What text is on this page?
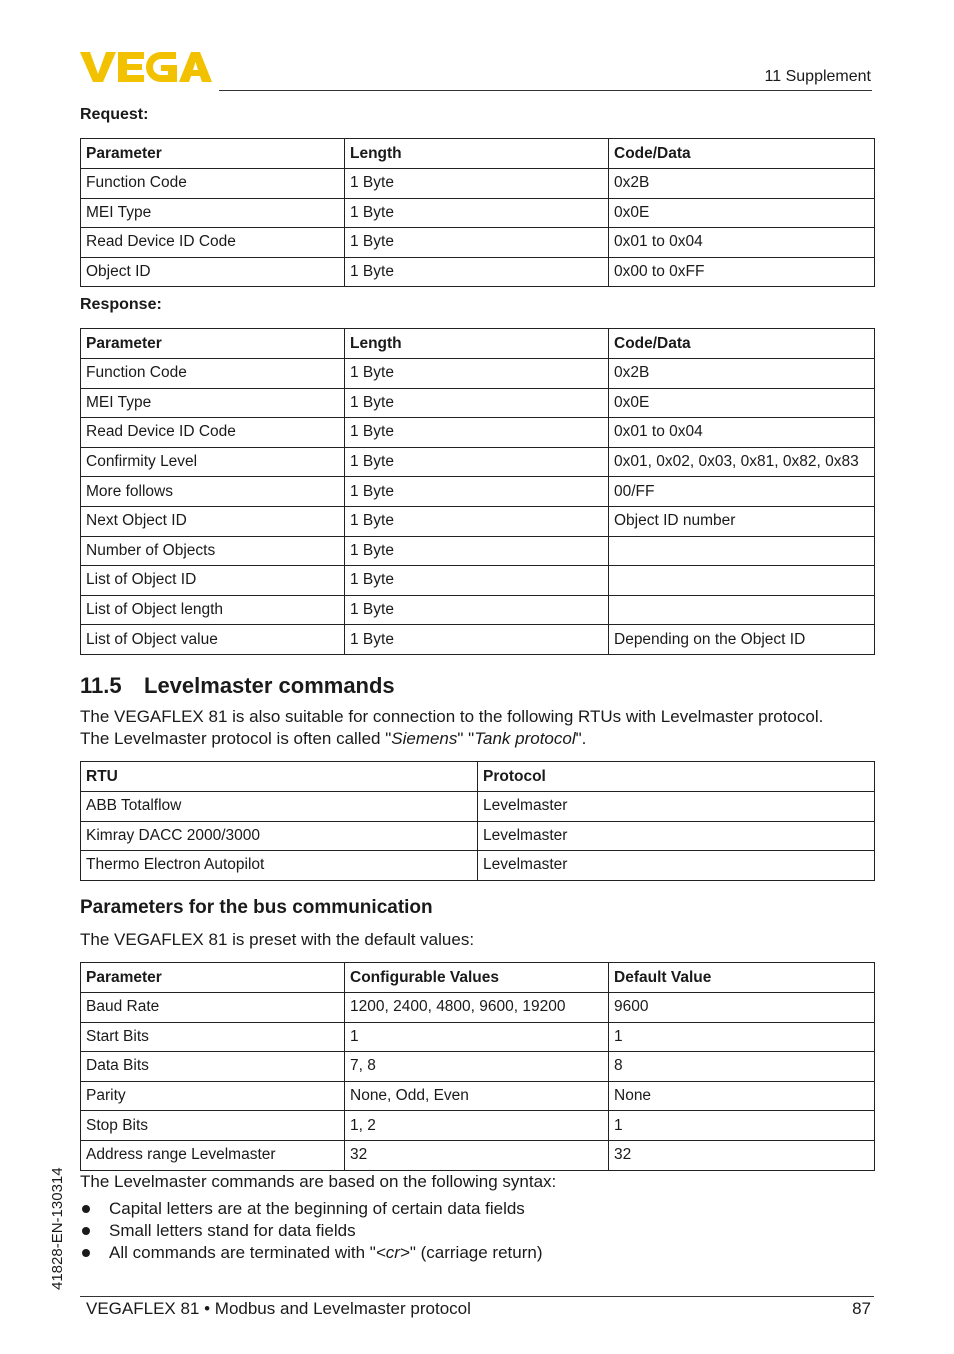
11 Supplement
Request:
Parameter	Length	Code/Data
Function Code	1 Byte	0x2B
MEI Type	1 Byte	0x0E
Read Device ID Code	1 Byte	0x01 to 0x04
Object ID	1 Byte	0x00 to 0xFF
Response:
Parameter	Length	Code/Data
Function Code	1 Byte	0x2B
MEI Type	1 Byte	0x0E
Read Device ID Code	1 Byte	0x01 to 0x04
Confirmity Level	1 Byte	0x01, 0x02, 0x03, 0x81, 0x82, 0x83
More follows	1 Byte	00/FF
Next Object ID	1 Byte	Object ID number
Number of Objects	1 Byte	
List of Object ID	1 Byte	
List of Object length	1 Byte	
List of Object value	1 Byte	Depending on the Object ID
11.5 Levelmaster commands
The VEGAFLEX 81 is also suitable for connection to the following RTUs with Levelmaster protocol.
The Levelmaster protocol is often called "Siemens" "Tank protocol".
RTU	Protocol
ABB Totalflow	Levelmaster
Kimray DACC 2000/3000	Levelmaster
Thermo Electron Autopilot	Levelmaster
Parameters for the bus communication
The VEGAFLEX 81 is preset with the default values:
Parameter	Configurable Values	Default Value
Baud Rate	1200, 2400, 4800, 9600, 19200	9600
Start Bits	1	1
Data Bits	7, 8	8
Parity	None, Odd, Even	None
Stop Bits	1, 2	1
Address range Levelmaster	32	32
The Levelmaster commands are based on the following syntax:
Capital letters are at the beginning of certain data fields
Small letters stand for data fields
All commands are terminated with "<cr>" (carriage return)
41828-EN-130314
VEGAFLEX 81 • Modbus and Levelmaster protocol	87
